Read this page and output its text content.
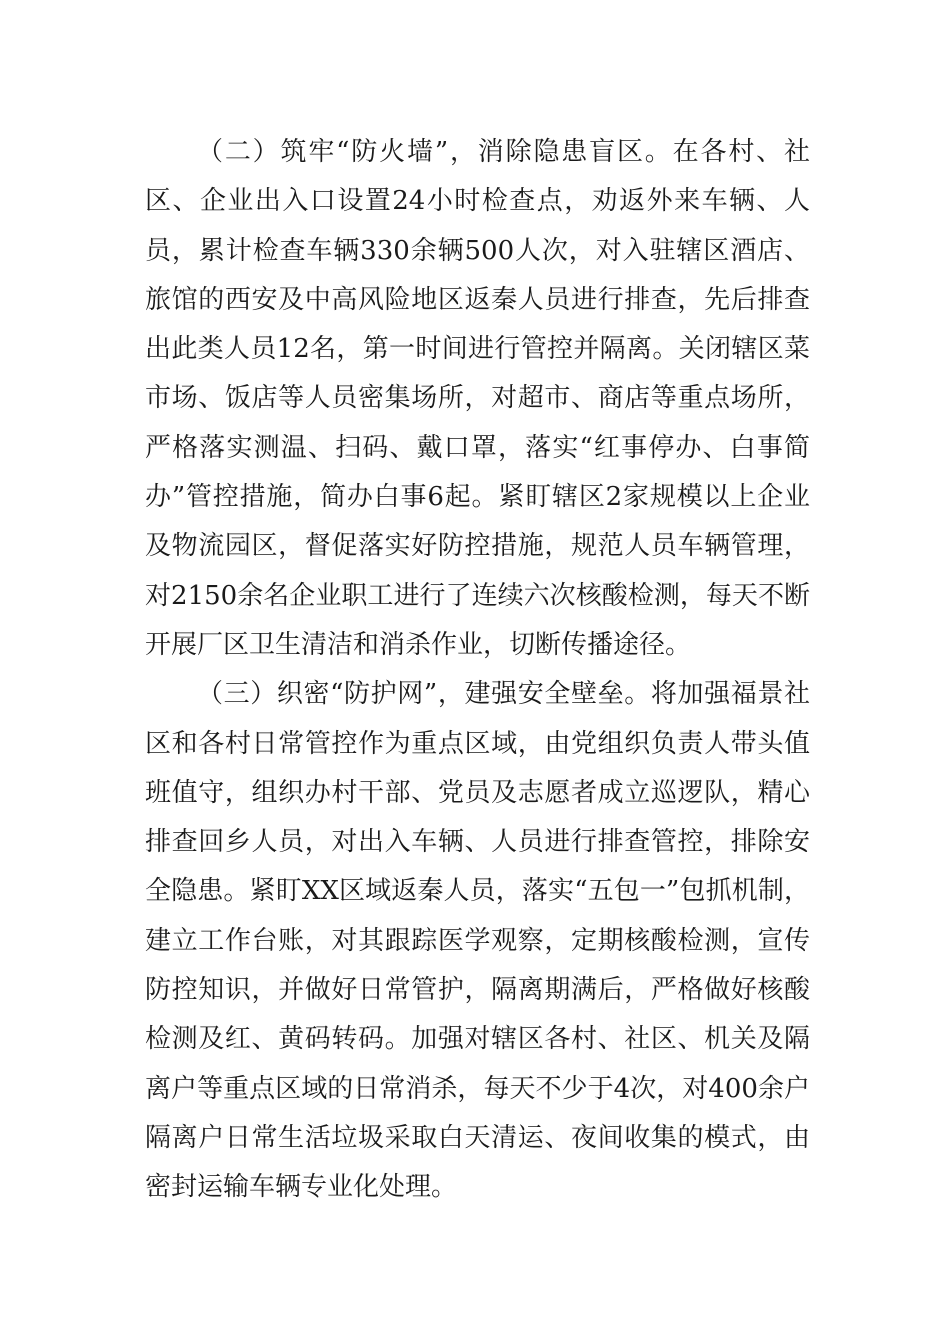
（二）筑牢“防火墙”，消除隐患盲区。在各村、社区、企业出入口设置24小时检查点，劝返外来车辆、人员，累计检查车辆330余辆500人次，对入驻辖区酒店、旅馆的西安及中高风险地区返秦人员进行排查，先后排查出此类人员12名，第一时间进行管控并隔离。关闭辖区菜市场、饭店等人员密集场所，对超市、商店等重点场所，严格落实测温、扫码、戴口罩，落实“红事停办、白事简办”管控措施，简办白事6起。紧盯辖区2家规模以上企业及物流园区，督促落实好防控措施，规范人员车辆管理，对2150余名企业职工进行了连续六次核酸检测，每天不断开展厂区卫生清洁和消杀作业，切断传播途径。

（三）织密“防护网”，建强安全壁垒。将加强福景社区和各村日常管控作为重点区域，由党组织负责人带头值班值守，组织办村干部、党员及志愿者成立巡逻队，精心排查回乡人员，对出入车辆、人员进行排查管控，排除安全隐患。紧盯XX区域返秦人员，落实“五包一”包抓机制，建立工作台账，对其跟踪医学观察，定期核酸检测，宣传防控知识，并做好日常管护，隔离期满后，严格做好核酸检测及红、黄码转码。加强对辖区各村、社区、机关及隔离户等重点区域的日常消杀，每天不少于4次，对400余户隔离户日常生活垃圾采取白天清运、夜间收集的模式，由密封运输车辆专业化处理。
